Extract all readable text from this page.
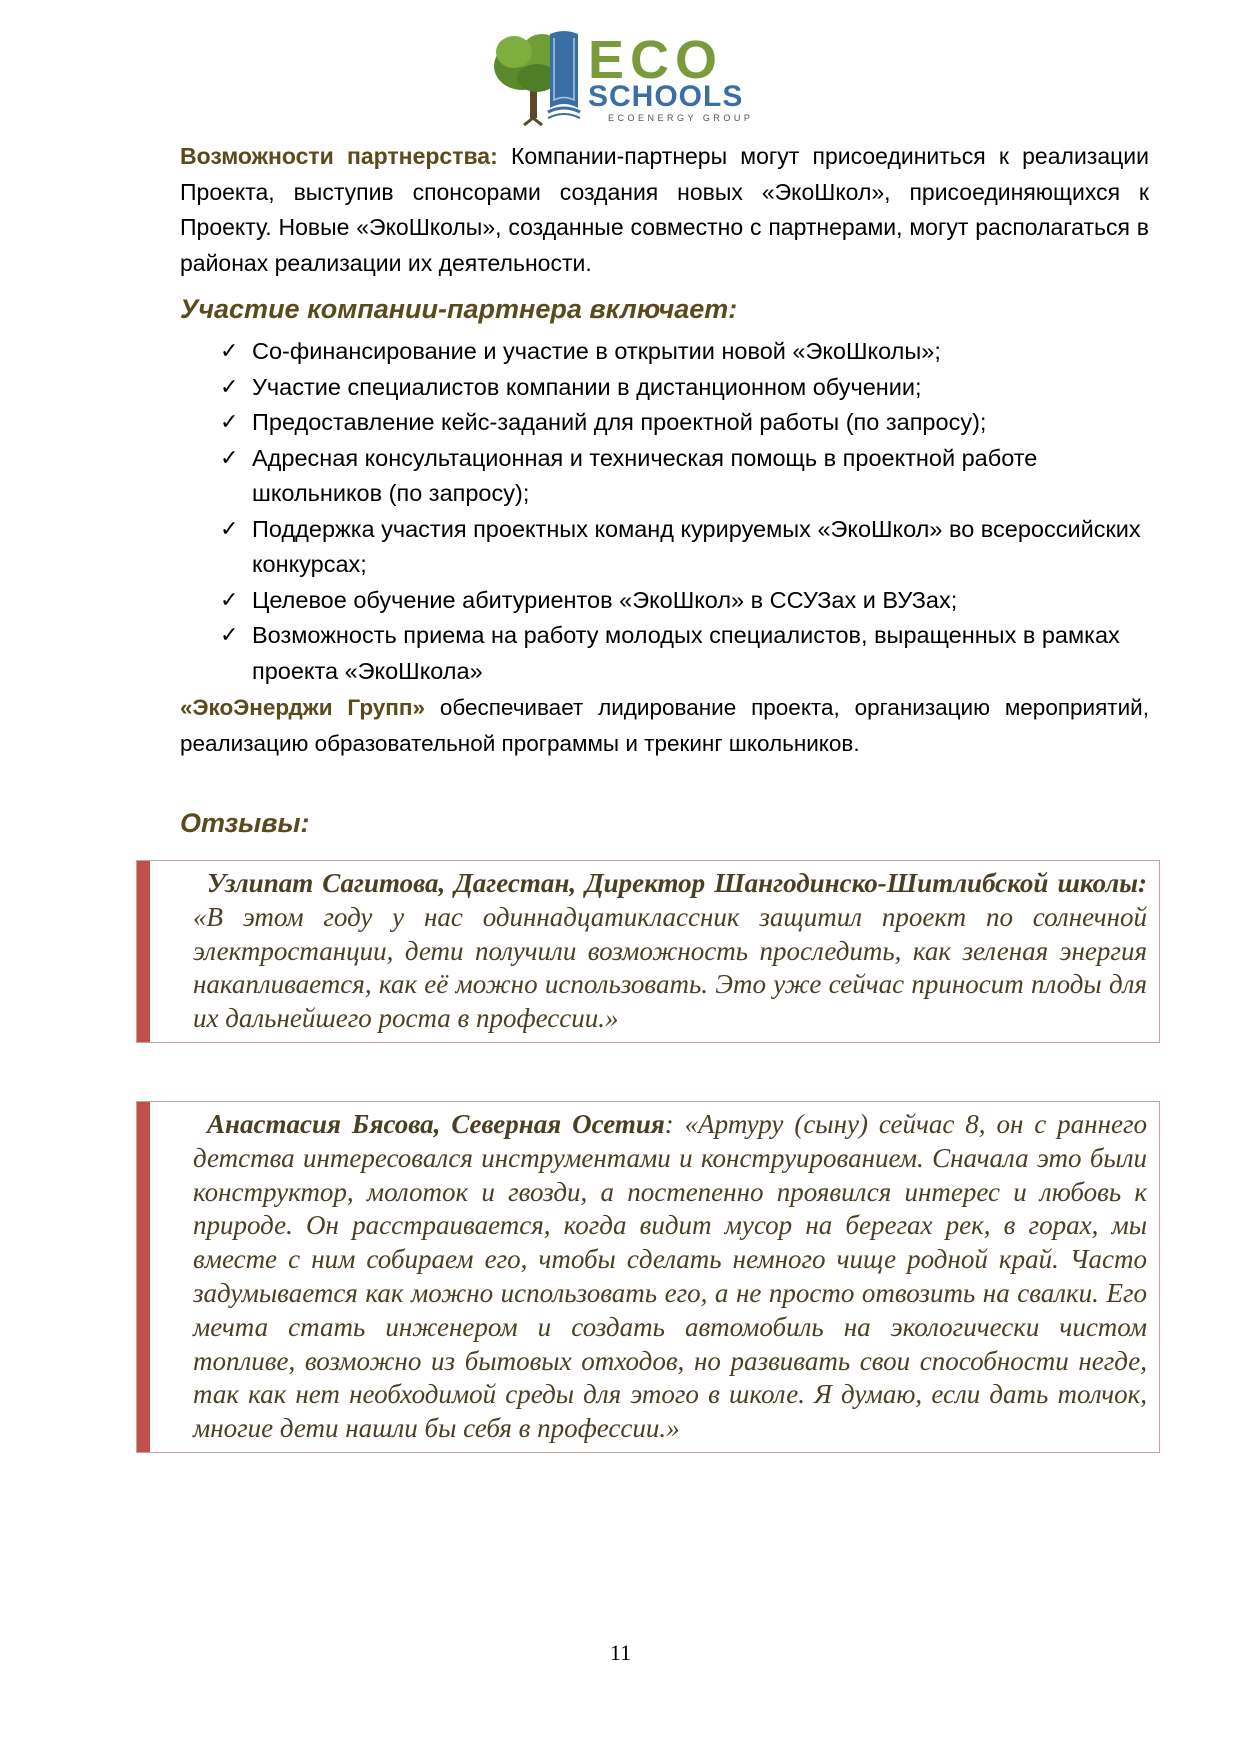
ECO
SCHOOLS
ECOENERGY GROUP

Возможности партнерства: Компании-партнеры могут присоединиться к реализации Проекта, выступив спонсорами создания новых «ЭкоШкол», присоединяющихся к Проекту. Новые «ЭкоШколы», созданные совместно с партнерами, могут располагаться в районах реализации их деятельности.

Участие компании-партнера включает:
✓ Со-финансирование и участие в открытии новой «ЭкоШколы»;
✓ Участие специалистов компании в дистанционном обучении;
✓ Предоставление кейс-заданий для проектной работы (по запросу);
✓ Адресная консультационная и техническая помощь в проектной работе школьников (по запросу);
✓ Поддержка участия проектных команд курируемых «ЭкоШкол» во всероссийских конкурсах;
✓ Целевое обучение абитуриентов «ЭкоШкол» в ССУЗах и ВУЗах;
✓ Возможность приема на работу молодых специалистов, выращенных в рамках проекта «ЭкоШкола»

«ЭкоЭнерджи Групп» обеспечивает лидирование проекта, организацию мероприятий, реализацию образовательной программы и трекинг школьников.

Отзывы:
Узлипат Сагитова, Дагестан, Директор Шангодинско-Шитлибской школы: «В этом году у нас одиннадцатиклассник защитил проект по солнечной электростанции, дети получили возможность проследить, как зеленая энергия накапливается, как её можно использовать. Это уже сейчас приносит плоды для их дальнейшего роста в профессии.»
Анастасия Бясова, Северная Осетия: «Артуру (сыну) сейчас 8, он с раннего детства интересовался инструментами и конструированием. Сначала это были конструктор, молоток и гвозди, а постепенно проявился интерес и любовь к природе. Он расстраивается, когда видит мусор на берегах рек, в горах, мы вместе с ним собираем его, чтобы сделать немного чище родной край. Часто задумывается как можно использовать его, а не просто отвозить на свалки. Его мечта стать инженером и создать автомобиль на экологически чистом топливе, возможно из бытовых отходов, но развивать свои способности негде, так как нет необходимой среды для этого в школе. Я думаю, если дать толчок, многие дети нашли бы себя в профессии.»
11
